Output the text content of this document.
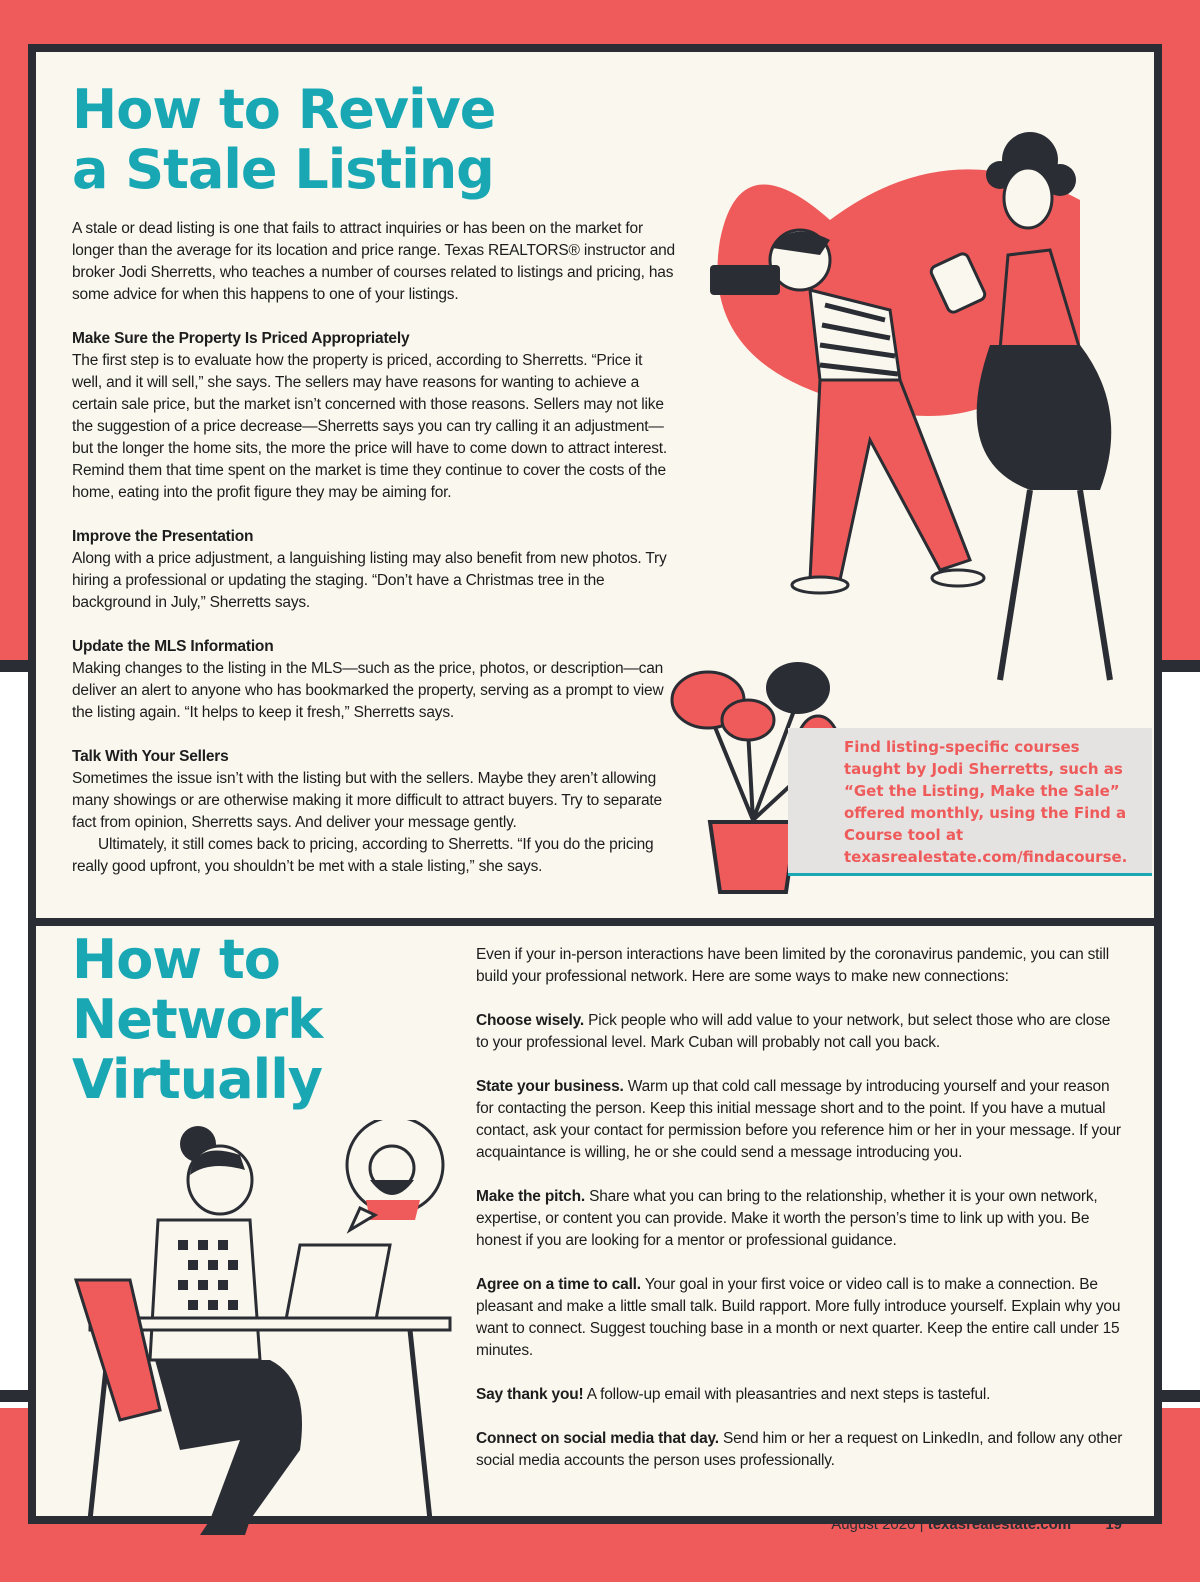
How to Revive
a Stale Listing

A stale or dead listing is one that fails to attract inquiries or has been on the market for longer than the average for its location and price range. Texas REALTORS® instructor and broker Jodi Sherretts, who teaches a number of courses related to listings and pricing, has some advice for when this happens to one of your listings.

Make Sure the Property Is Priced Appropriately
The first step is to evaluate how the property is priced, according to Sherretts. “Price it well, and it will sell,” she says. The sellers may have reasons for wanting to achieve a certain sale price, but the market isn’t concerned with those reasons. Sellers may not like the suggestion of a price decrease—Sherretts says you can try calling it an adjustment—but the longer the home sits, the more the price will have to come down to attract interest. Remind them that time spent on the market is time they continue to cover the costs of the home, eating into the profit figure they may be aiming for.

Improve the Presentation
Along with a price adjustment, a languishing listing may also benefit from new photos. Try hiring a professional or updating the staging. “Don’t have a Christmas tree in the background in July,” Sherretts says.

Update the MLS Information
Making changes to the listing in the MLS—such as the price, photos, or description—can deliver an alert to anyone who has bookmarked the property, serving as a prompt to view the listing again. “It helps to keep it fresh,” Sherretts says.

Talk With Your Sellers
Sometimes the issue isn’t with the listing but with the sellers. Maybe they aren’t allowing many showings or are otherwise making it more difficult to attract buyers. Try to separate fact from opinion, Sherretts says. And deliver your message gently.

Ultimately, it still comes back to pricing, according to Sherretts. “If you do the pricing really good upfront, you shouldn’t be met with a stale listing,” she says.

Find listing-specific courses taught by Jodi Sherretts, such as “Get the Listing, Make the Sale” offered monthly, using the Find a Course tool at texasrealestate.com/findacourse.

How to
Network
Virtually

Even if your in-person interactions have been limited by the coronavirus pandemic, you can still build your professional network. Here are some ways to make new connections:

Choose wisely. Pick people who will add value to your network, but select those who are close to your professional level. Mark Cuban will probably not call you back.

State your business. Warm up that cold call message by introducing yourself and your reason for contacting the person. Keep this initial message short and to the point. If you have a mutual contact, ask your contact for permission before you reference him or her in your message. If your acquaintance is willing, he or she could send a message introducing you.

Make the pitch. Share what you can bring to the relationship, whether it is your own network, expertise, or content you can provide. Make it worth the person’s time to link up with you. Be honest if you are looking for a mentor or professional guidance.

Agree on a time to call. Your goal in your first voice or video call is to make a connection. Be pleasant and make a little small talk. Build rapport. More fully introduce yourself. Explain why you want to connect. Suggest touching base in a month or next quarter. Keep the entire call under 15 minutes.

Say thank you! A follow-up email with pleasantries and next steps is tasteful.

Connect on social media that day. Send him or her a request on LinkedIn, and follow any other social media accounts the person uses professionally.

August 2020 | texasrealestate.com 19
